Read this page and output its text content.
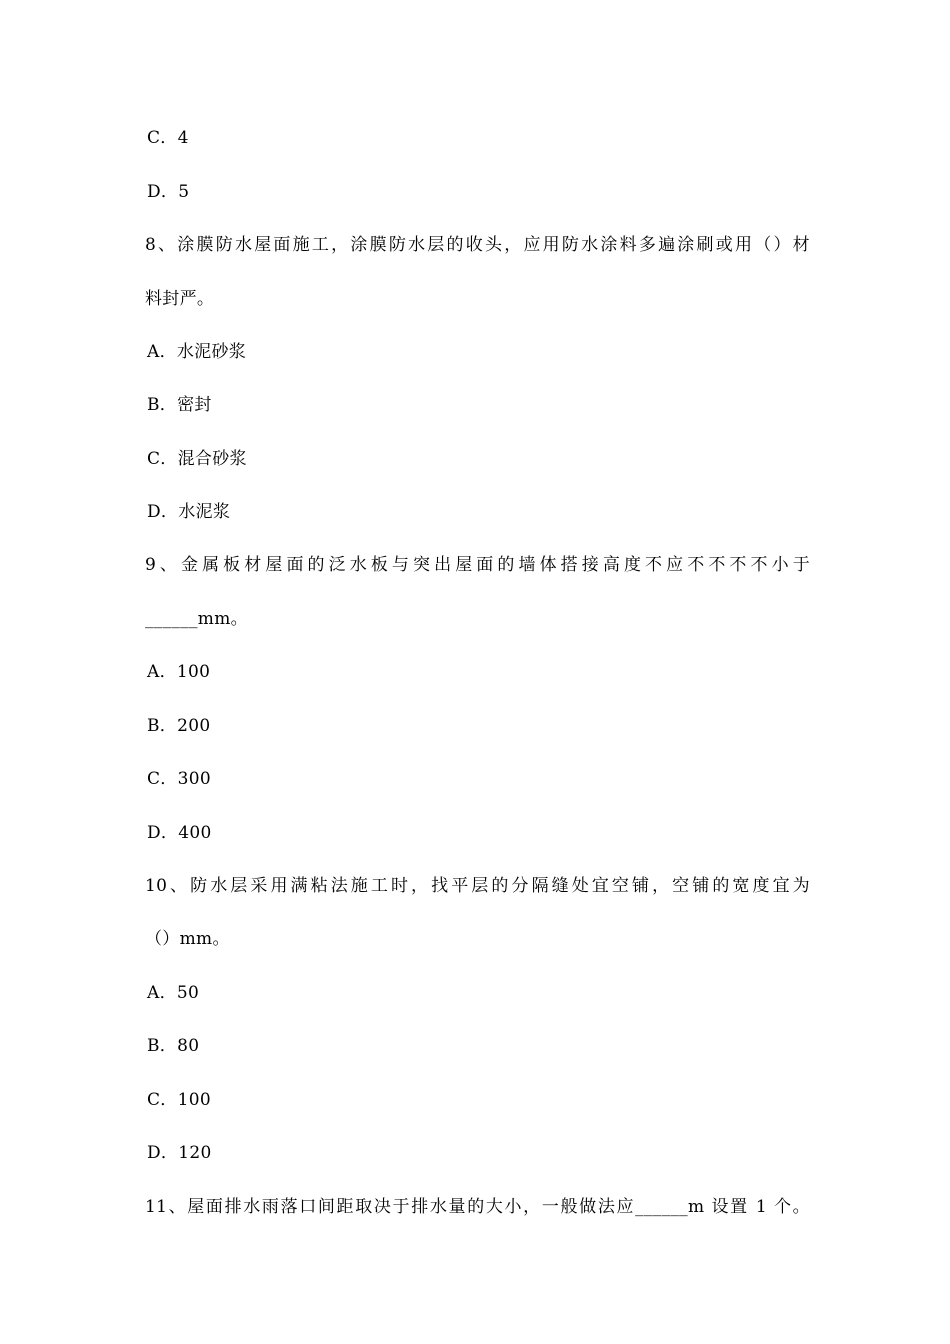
C．4
D．5
8、涂膜防水屋面施工，涂膜防水层的收头，应用防水涂料多遍涂刷或用（）材
料封严。
A．水泥砂浆
B．密封
C．混合砂浆
D．水泥浆
9、金属板材屋面的泛水板与突出屋面的墙体搭接高度不应不不不不小于
______mm。
A．100
B．200
C．300
D．400
10、防水层采用满粘法施工时，找平层的分隔缝处宜空铺，空铺的宽度宜为
（）mm。
A．50
B．80
C．100
D．120
11、屋面排水雨落口间距取决于排水量的大小，一般做法应______m 设置 1 个。
